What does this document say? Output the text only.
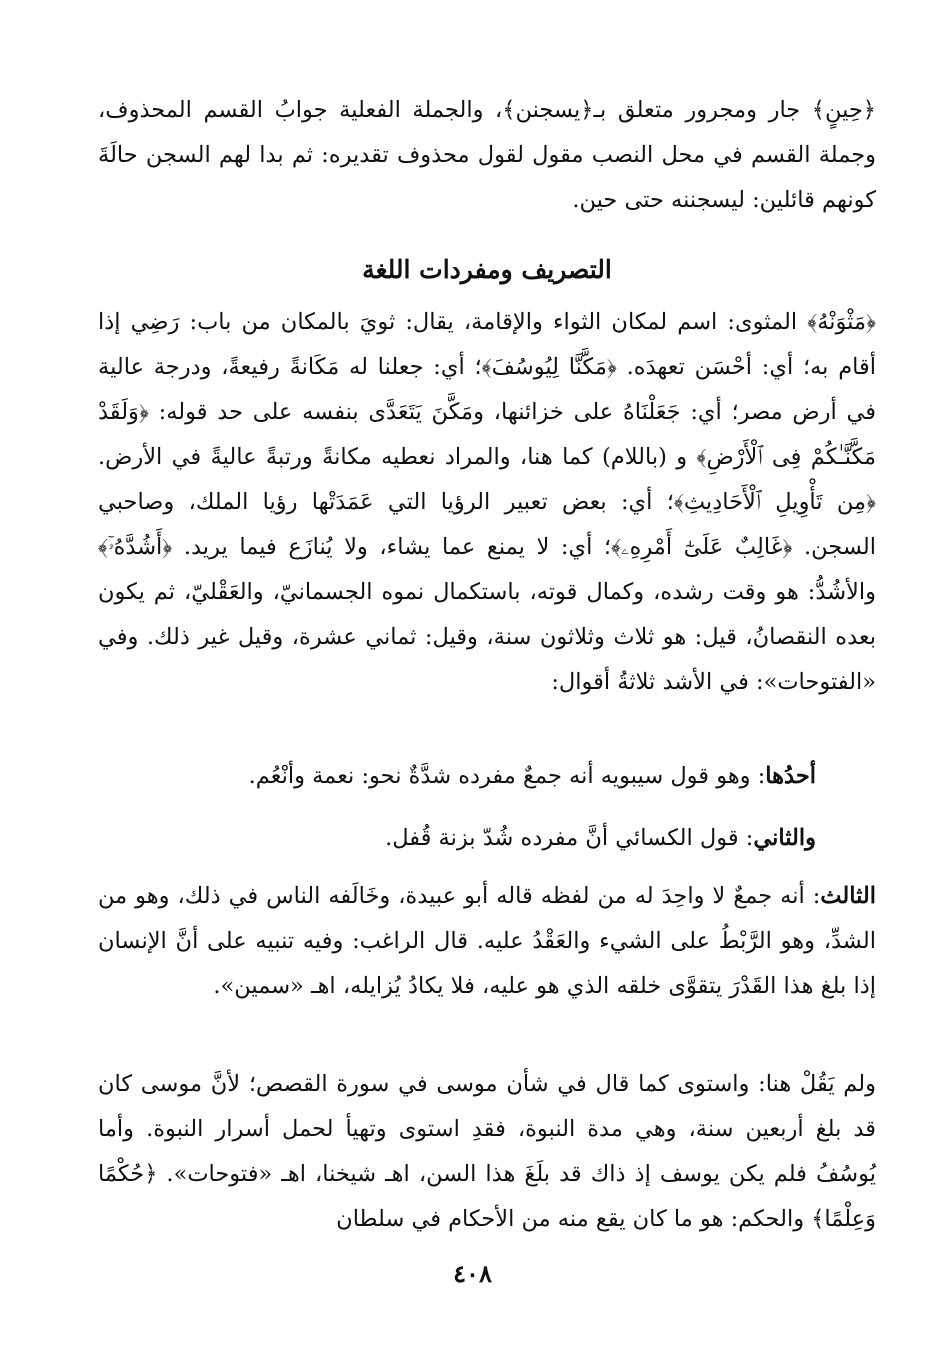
﴿حِينٍ﴾ جار ومجرور متعلق بـ﴿يسجنن﴾، والجملة الفعلية جوابُ القسم المحذوف، وجملة القسم في محل النصب مقول لقول محذوف تقديره: ثم بدا لهم السجن حالَةَ كونهم قائلين: ليسجننه حتى حين.

التصريف ومفردات اللغة

﴿مَثْوَنْهُ﴾ المثوى: اسم لمكان الثواء والإقامة، يقال: ثويَ بالمكان من باب: رَضِي إذا أقام به؛ أي: أحْسَن تعهدَه. ﴿مَكَّنَّا لِيُوسُفَ﴾؛ أي: جعلنا له مَكَانةً رفيعةً، ودرجة عالية في أرض مصر؛ أي: جَعَلْنَاهُ على خزائنها، ومَكَّنَ يَتَعَدَّى بنفسه على حد قوله: ﴿وَلَقَدْ مَكَّنَّـٰكُمْ فِى ٱلْأَرْضِ﴾ و (باللام) كما هنا، والمراد نعطيه مكانةً ورتبةً عاليةً في الأرض. ﴿مِن تَأْوِيلِ ٱلْأَحَادِيثِ﴾؛ أي: بعض تعبير الرؤيا التي عَمَدَتْها رؤيا الملك، وصاحبي السجن. ﴿غَالِبٌ عَلَىٰٓ أَمْرِهِۦ﴾؛ أي: لا يمنع عما يشاء، ولا يُنازَع فيما يريد. ﴿أَشُدَّهُۥٓ﴾ والأشُدُّ: هو وقت رشده، وكمال قوته، باستكمال نموه الجسمانيّ، والعَقْليّ، ثم يكون بعده النقصانُ، قيل: هو ثلاث وثلاثون سنة، وقيل: ثماني عشرة، وقيل غير ذلك. وفي «الفتوحات»: في الأشد ثلاثةُ أقوال:

أحدُها: وهو قول سيبويه أنه جمعٌ مفرده شدَّةٌ نحو: نعمة وأنْعُم.

والثاني: قول الكسائي أنَّ مفرده شُدّ بزنة قُفل.

الثالث: أنه جمعٌ لا واحِدَ له من لفظه قاله أبو عبيدة، وخَالَفه الناس في ذلك، وهو من الشدِّ، وهو الرَّبْطُ على الشيء والعَقْدُ عليه. قال الراغب: وفيه تنبيه على أنَّ الإنسان إذا بلغ هذا القَدْرَ يتقوَّى خلقه الذي هو عليه، فلا يكادُ يُزايله، اهـ «سمين».

ولم يَقُلْ هنا: واستوى كما قال في شأن موسى في سورة القصص؛ لأنَّ موسى كان قد بلغ أربعين سنة، وهي مدة النبوة، فقدِ استوى وتهيأ لحمل أسرار النبوة. وأما يُوسُفُ فلم يكن يوسف إذ ذاك قد بلَغَ هذا السن، اهـ شيخنا، اهـ «فتوحات». ﴿حُكْمًا وَعِلْمًا﴾ والحكم: هو ما كان يقع منه من الأحكام في سلطان

٤٠٨
